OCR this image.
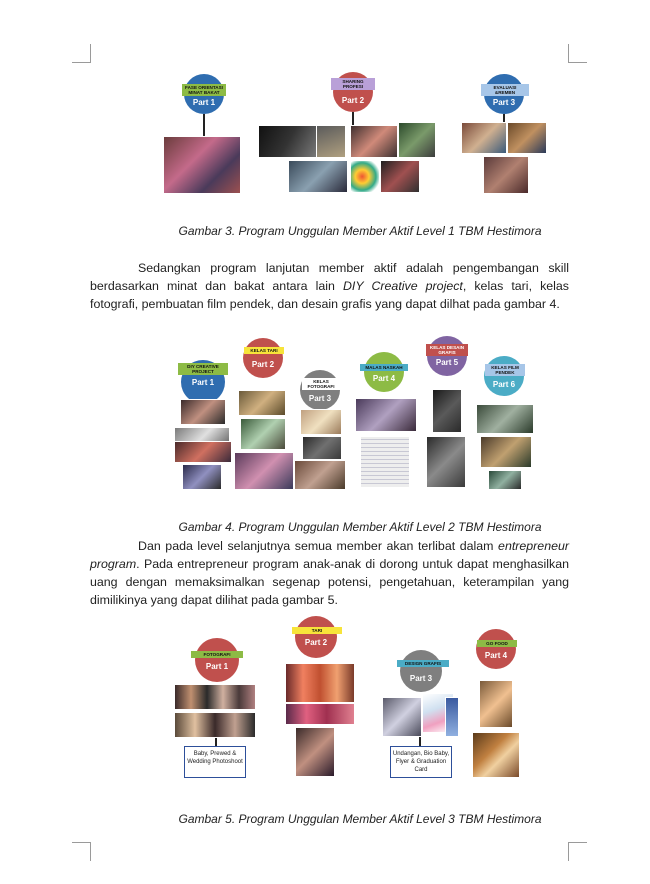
Part 1
FASE ORIENTASI MINAT BAKAT
Part 2
SHARING PROFESI
Part 3
EVALUASI &REMBN
Gambar 3. Program Unggulan Member Aktif Level 1 TBM Hestimora
Sedangkan program lanjutan member aktif adalah pengembangan skill berdasarkan minat dan bakat antara lain DIY Creative project, kelas tari, kelas fotografi, pembuatan film pendek, dan desain grafis yang dapat dilhat pada gambar 4.
Part 1
DIY CREATIVE PROJECT
Part 2
KELAS TARI
Part 3
KELAS FOTOGRAFI
Part 4
MALAS NASKAH
Part 5
KELAS DESAIN GRAFIS
Part 6
KELAS FILM PENDEK
Gambar 4. Program Unggulan Member Aktif Level 2 TBM Hestimora
Dan pada level selanjutnya semua member akan terlibat dalam entrepreneur program. Pada entrepreneur program anak-anak di dorong untuk dapat menghasilkan uang dengan memaksimalkan segenap potensi, pengetahuan, keterampilan yang dimilikinya yang dapat dilihat pada gambar 5.
Part 1
FOTOGRAFI
Baby, Prewed & Wedding Photoshoot
Part 2
TARI
Part 3
DESIGN GRAFIS
Undangan, Bio Baby, Flyer & Graduation Card
Part 4
GO FOOD
Gambar 5. Program Unggulan Member Aktif Level 3 TBM Hestimora
